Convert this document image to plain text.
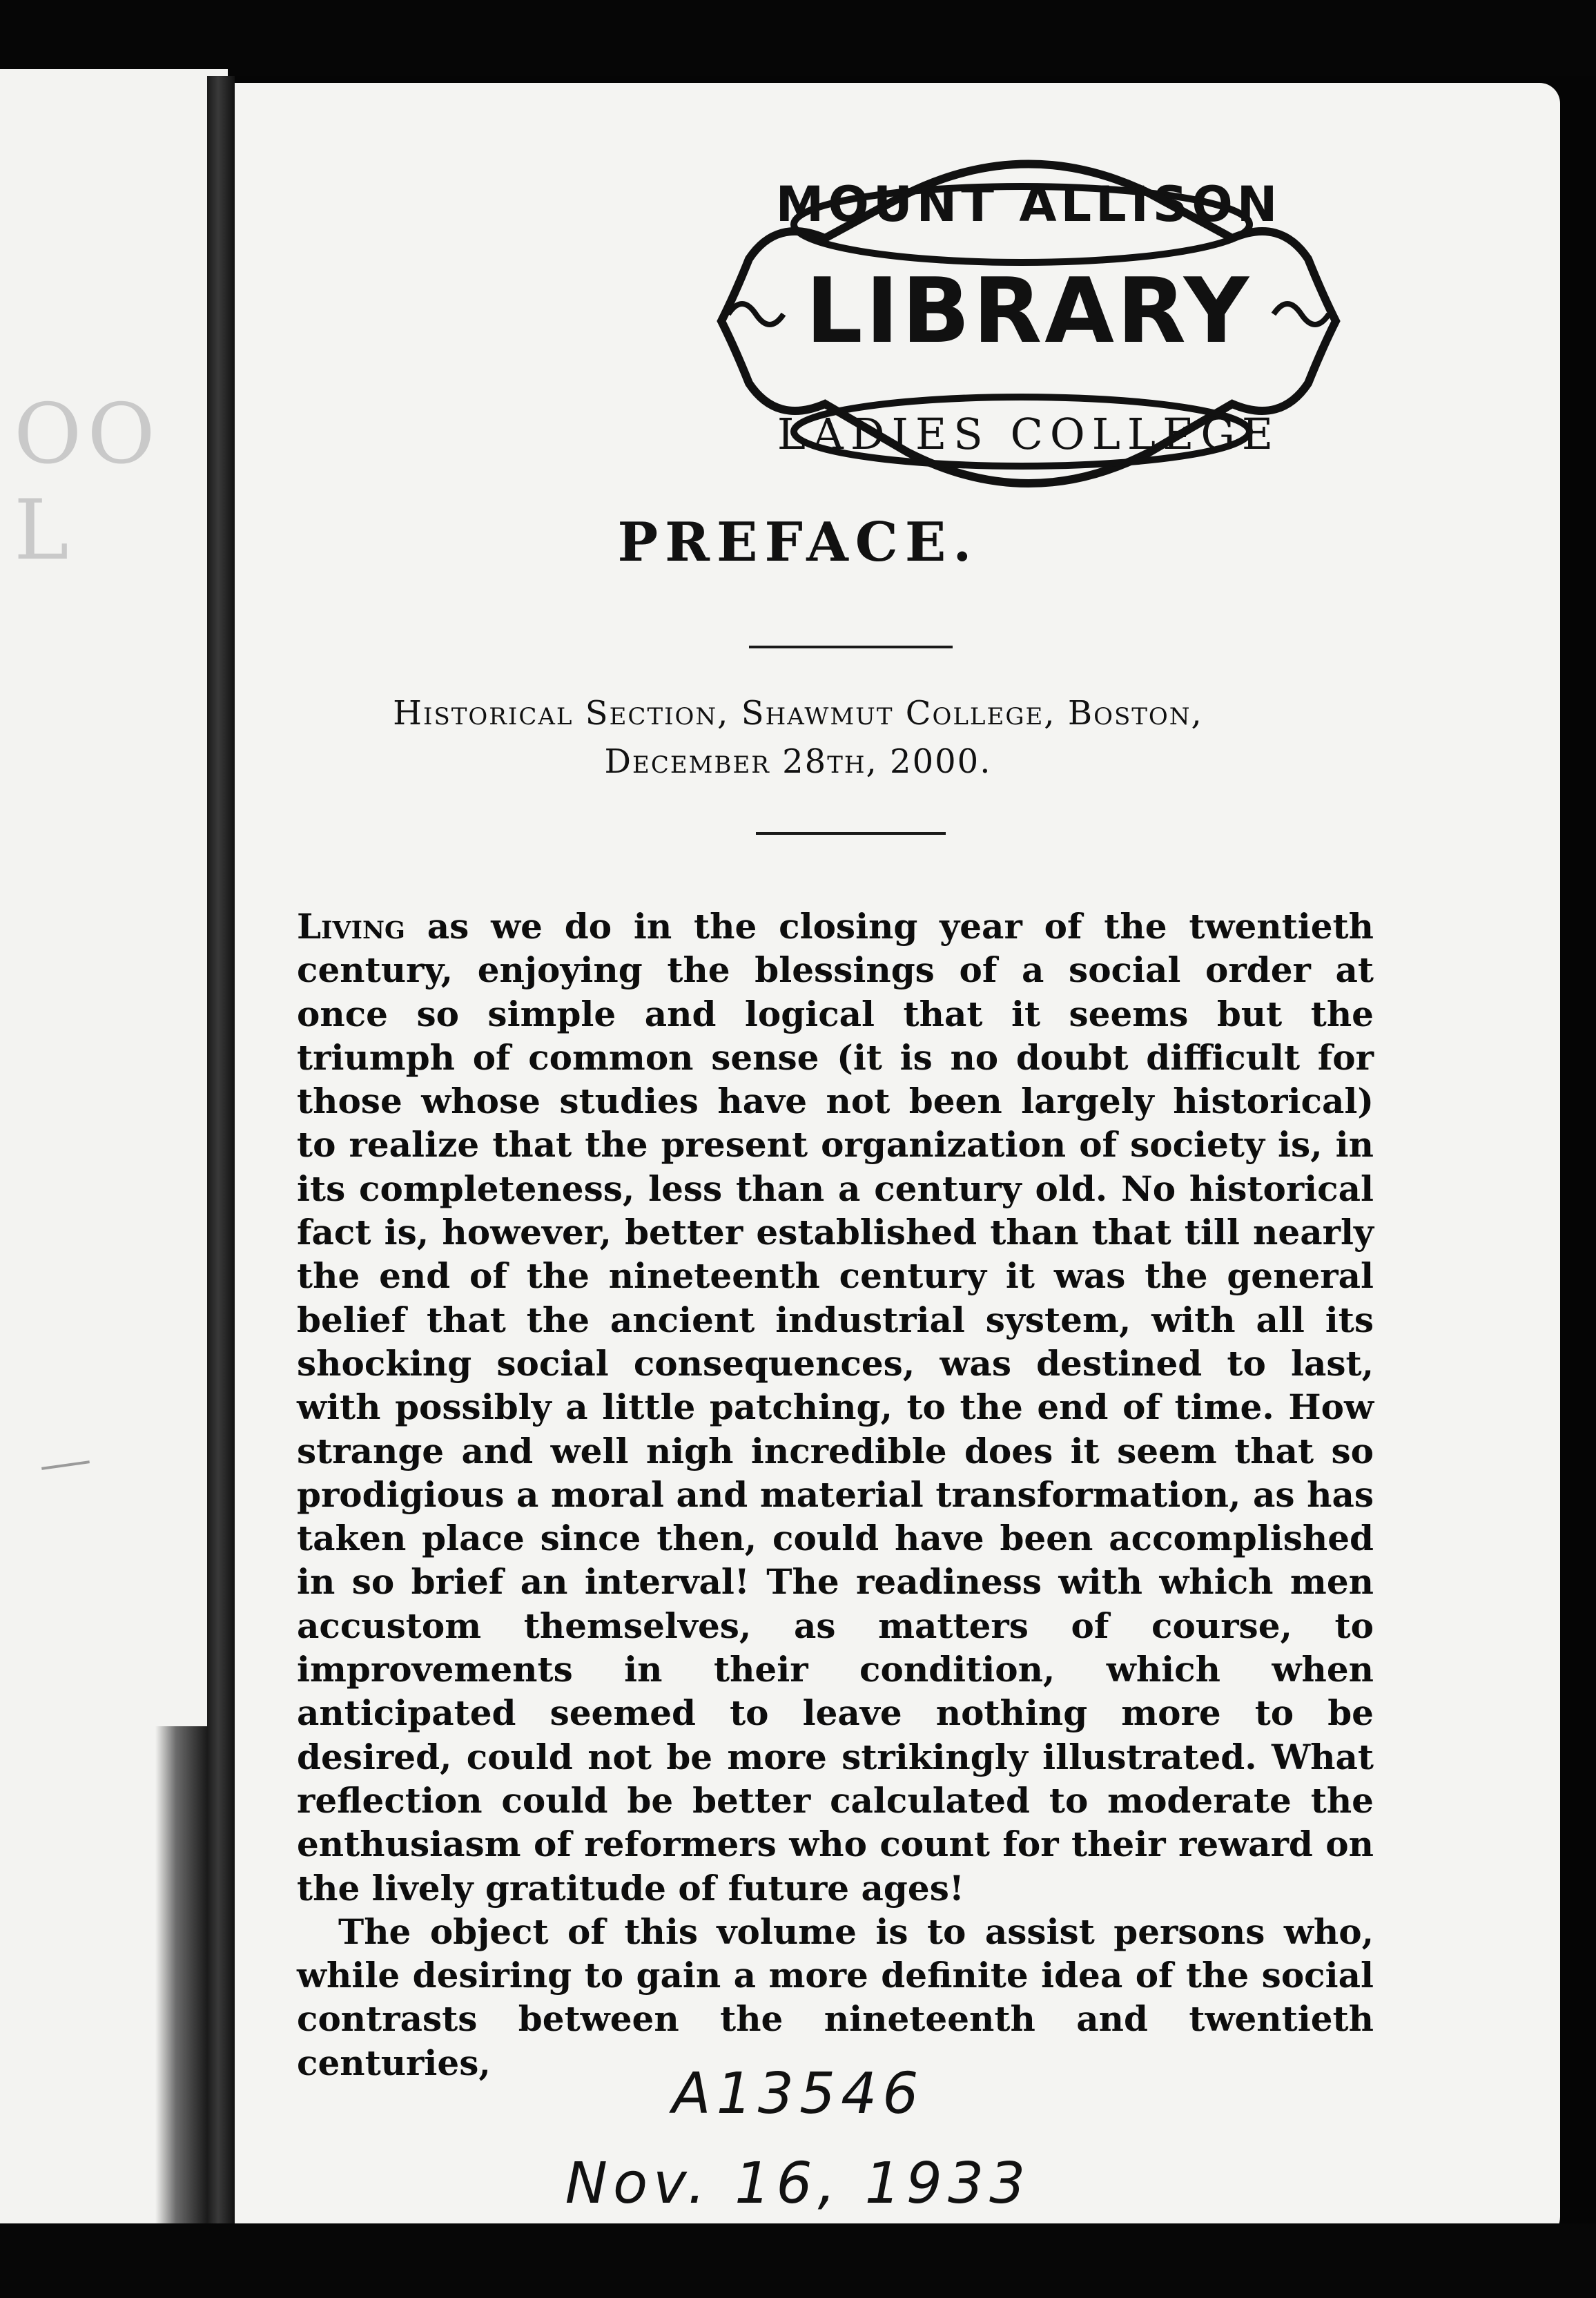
OO L
MOUNT ALLISON
LIBRARY
LADIES COLLEGE
PREFACE.
Historical Section, Shawmut College, Boston,
December 28th, 2000.

Living as we do in the closing year of the twentieth century, enjoying the blessings of a social order at once so simple and logical that it seems but the triumph of common sense (it is no doubt difficult for those whose studies have not been largely historical) to realize that the present organization of society is, in its completeness, less than a century old. No historical fact is, however, better established than that till nearly the end of the nineteenth century it was the general belief that the ancient industrial system, with all its shocking social consequences, was destined to last, with possibly a little patching, to the end of time. How strange and well nigh incredible does it seem that so prodigious a moral and material transformation, as has taken place since then, could have been accomplished in so brief an interval! The readiness with which men accustom themselves, as matters of course, to improvements in their condition, which when anticipated seemed to leave nothing more to be desired, could not be more strikingly illustrated. What reflection could be better calculated to moderate the enthusiasm of reformers who count for their reward on the lively gratitude of future ages!

The object of this volume is to assist persons who, while desiring to gain a more definite idea of the social contrasts between the nineteenth and twentieth centuries,	A13546
Nov. 16, 1933
